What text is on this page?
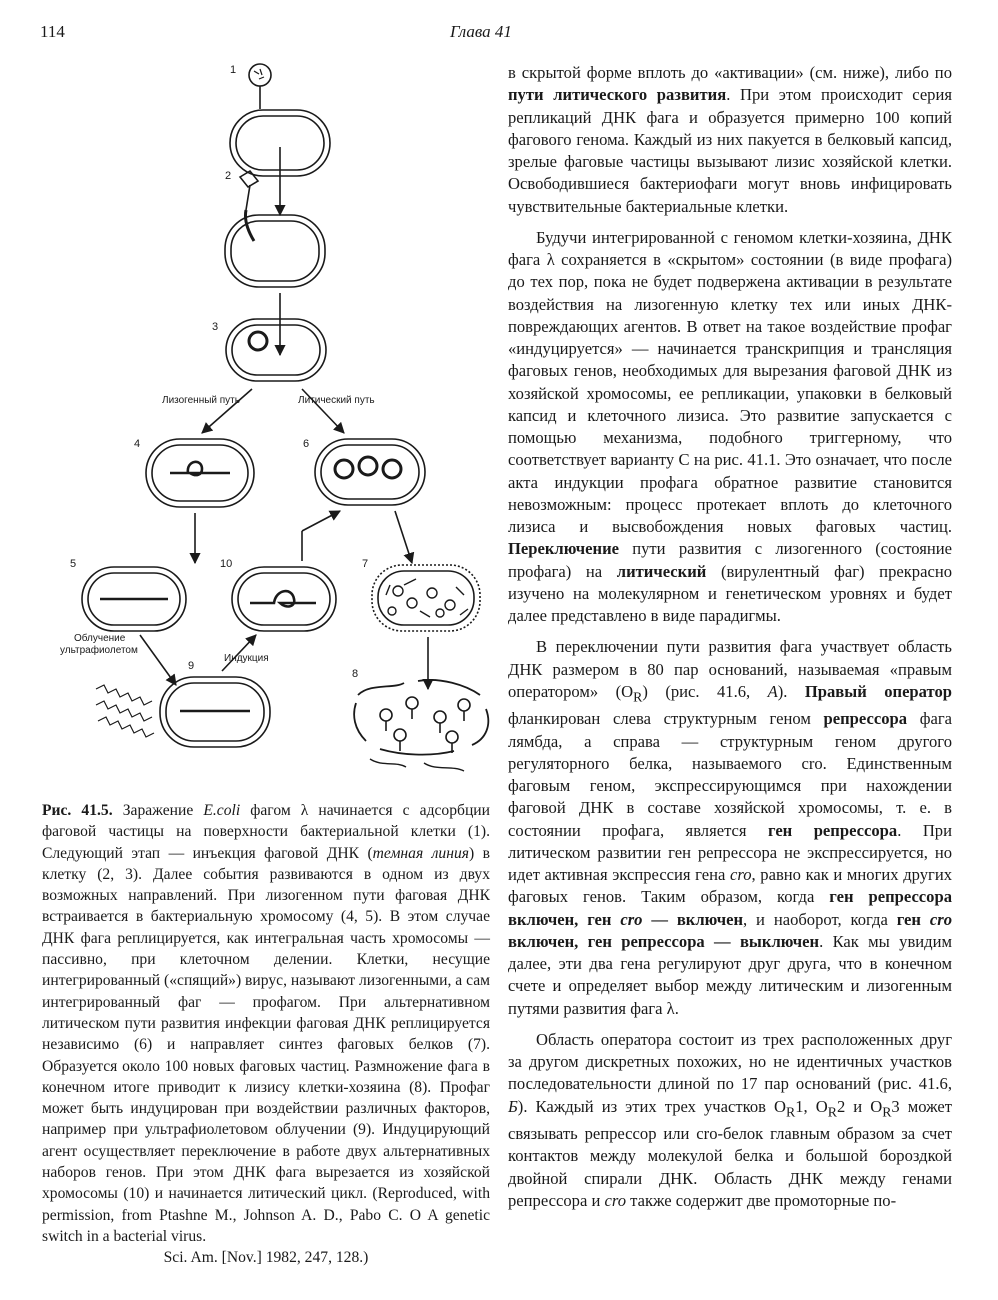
114	Глава 41
1
2
3
4
5
6
7
8
9
10
Лизогенный путь	Литический путь
Облучение
ультрафиолетом
Индукция

Рис. 41.5. Заражение E.coli фагом λ начинается с адсорбции фаговой частицы на поверхности бактериальной клетки (1). Следующий этап — инъекция фаговой ДНК (темная линия) в клетку (2, 3). Далее события развиваются в одном из двух возможных направлений. При лизогенном пути фаговая ДНК встраивается в бактериальную хромосому (4, 5). В этом случае ДНК фага реплицируется, как интегральная часть хромосомы — пассивно, при клеточном делении. Клетки, несущие интегрированный («спящий») вирус, называют лизогенными, а сам интегрированный фаг — профагом. При альтернативном литическом пути развития инфекции фаговая ДНК реплицируется независимо (6) и направляет синтез фаговых белков (7). Образуется около 100 новых фаговых частиц. Размножение фага в конечном итоге приводит к лизису клетки-хозяина (8). Профаг может быть индуцирован при воздействии различных факторов, например при ультрафиолетовом облучении (9). Индуцирующий агент осуществляет переключение в работе двух альтернативных наборов генов. При этом ДНК фага вырезается из хозяйской хромосомы (10) и начинается литический цикл. (Reproduced, with permission, from Ptashne M., Johnson A. D., Pabo C. O A genetic switch in a bacterial virus.

Sci. Am. [Nov.] 1982, 247, 128.)

в скрытой форме вплоть до «активации» (см. ниже), либо по пути литического развития. При этом происходит серия репликаций ДНК фага и образуется примерно 100 копий фагового генома. Каждый из них пакуется в белковый капсид, зрелые фаговые частицы вызывают лизис хозяйской клетки. Освободившиеся бактериофаги могут вновь инфицировать чувствительные бактериальные клетки.

Будучи интегрированной с геномом клетки-хозяина, ДНК фага λ сохраняется в «скрытом» состоянии (в виде профага) до тех пор, пока не будет подвержена активации в результате воздействия на лизогенную клетку тех или иных ДНК-повреждающих агентов. В ответ на такое воздействие профаг «индуцируется» — начинается транскрипция и трансляция фаговых генов, необходимых для вырезания фаговой ДНК из хозяйской хромосомы, ее репликации, упаковки в белковый капсид и клеточного лизиса. Это развитие запускается с помощью механизма, подобного триггерному, что соответствует варианту С на рис. 41.1. Это означает, что после акта индукции профага обратное развитие становится невозможным: процесс протекает вплоть до клеточного лизиса и высвобождения новых фаговых частиц. Переключение пути развития с лизогенного (состояние профага) на литический (вирулентный фаг) прекрасно изучено на молекулярном и генетическом уровнях и будет далее представлено в виде парадигмы.

В переключении пути развития фага участвует область ДНК размером в 80 пар оснований, называемая «правым оператором» $(O_R)$ (рис. 41.6, А). Правый оператор фланкирован слева структурным геном репрессора фага лямбда, а справа — структурным геном другого регуляторного белка, называемого cro. Единственным фаговым геном, экспрессирующимся при нахождении фаговой ДНК в составе хозяйской хромосомы, т. е. в состоянии профага, является ген репрессора. При литическом развитии ген репрессора не экспрессируется, но идет активная экспрессия гена cro, равно как и многих других фаговых генов. Таким образом, когда ген репрессора включен, ген cro — включен, и наоборот, когда ген cro включен, ген репрессора — выключен. Как мы увидим далее, эти два гена регулируют друг друга, что в конечном счете и определяет выбор между литическим и лизогенным путями развития фага λ.

Область оператора состоит из трех расположенных друг за другом дискретных похожих, но не идентичных участков последовательности длиной по 17 пар оснований (рис. 41.6, Б). Каждый из этих трех участков $O_R1$, $O_R2$ и $O_R3$ может связывать репрессор или cro-белок главным образом за счет контактов между молекулой белка и большой бороздкой двойной спирали ДНК. Область ДНК между генами репрессора и cro также содержит две промоторные по-
